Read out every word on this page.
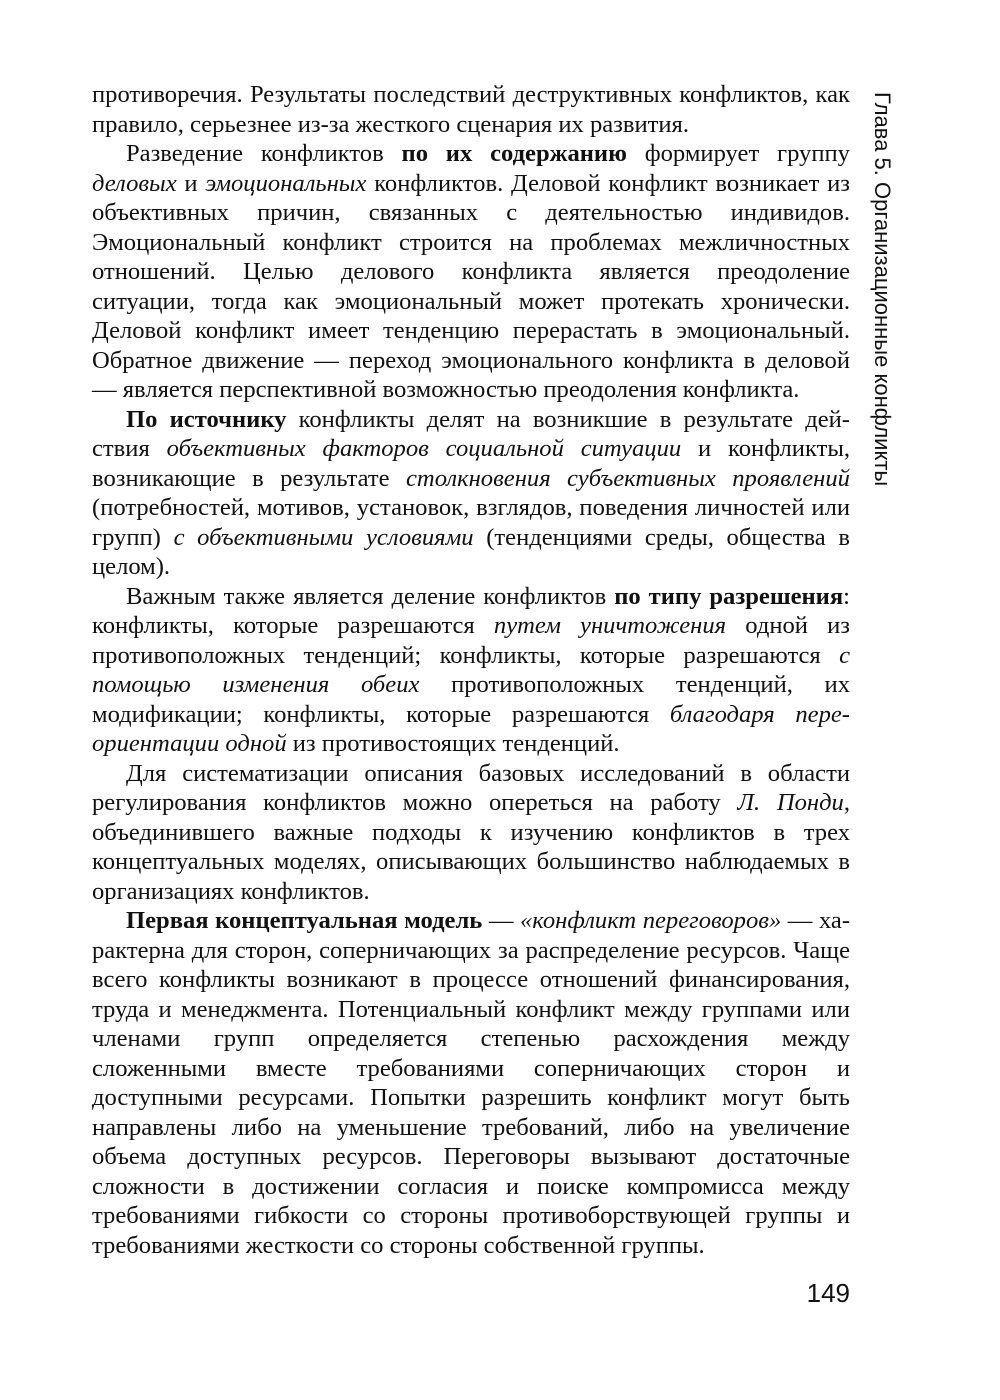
Глава 5. Организационные конфликты

противоречия. Результаты последствий деструктивных конфликтов, как правило, серьезнее из-за жесткого сценария их развития.

Разведение конфликтов по их содержанию формирует группу деловых и эмоциональных конфликтов. Деловой конфликт возникает из объективных причин, связанных с деятельностью индивидов. Эмоциональный конфликт строится на проблемах межличностных отношений. Целью делового конфликта является преодоление ситуации, тогда как эмоциональный может протекать хронически. Деловой конфликт имеет тенденцию перерастать в эмоциональный. Обратное движение — переход эмоционального конфликта в деловой — является перспективной возможностью преодоления конфликта.

По источнику конфликты делят на возникшие в результате действия объективных факторов социальной ситуации и конфликты, возникающие в результате столкновения субъективных проявлений (потребностей, мотивов, установок, взглядов, поведения личностей или групп) с объективными условиями (тенденциями среды, общества в целом).

Важным также является деление конфликтов по типу разрешения: конфликты, которые разрешаются путем уничтожения одной из противоположных тенденций; конфликты, которые разрешаются с помощью изменения обеих противоположных тенденций, их модификации; конфликты, которые разрешаются благодаря переориентации одной из противостоящих тенденций.

Для систематизации описания базовых исследований в области регулирования конфликтов можно опереться на работу Л. Понди, объединившего важные подходы к изучению конфликтов в трех концептуальных моделях, описывающих большинство наблюдаемых в организациях конфликтов.

Первая концептуальная модель — «конфликт переговоров» — характерна для сторон, соперничающих за распределение ресурсов. Чаще всего конфликты возникают в процессе отношений финансирования, труда и менеджмента. Потенциальный конфликт между группами или членами групп определяется степенью расхождения между сложенными вместе требованиями соперничающих сторон и доступными ресурсами. Попытки разрешить конфликт могут быть направлены либо на уменьшение требований, либо на увеличение объема доступных ресурсов. Переговоры вызывают достаточные сложности в достижении согласия и поиске компромисса между требованиями гибкости со стороны противоборствующей группы и требованиями жесткости со стороны собственной группы.

149
